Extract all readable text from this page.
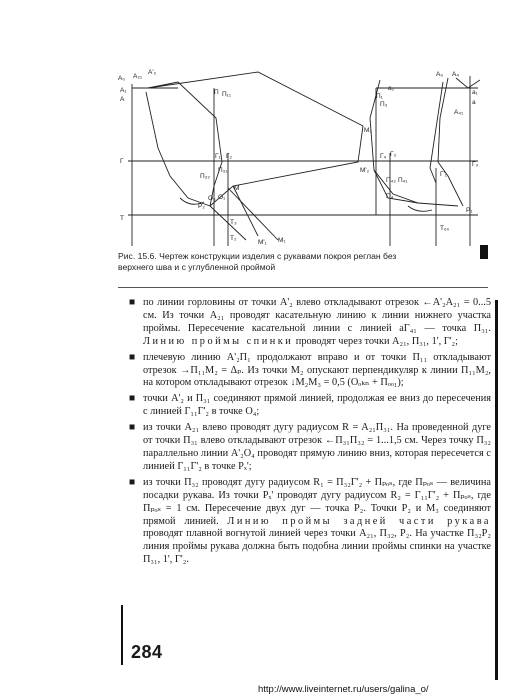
A₀ A₂₁
A'₂
A₁
A
П П₁₁
M₃
M'₂
Г
Г₁ Г₂
П₃₂
П₃₁
P₂
O₁
O₃
M
M'₁ M₁
Т
Т₃
T₂
Г₃
Г₄
П₄₂ П₄₁
Г'₄
A₉ A₄
a₂
a₁
a
П₁
П₃
A₄₁
Г'₁
P₁
Т₆₀
Г₃

Рис. 15.6. Чертеж конструкции изделия с рукавами покроя реглан без

верхнего шва и с углубленной проймой

■ по линии горловины от точки A'₂ влево откладывают отрезок ←A'₂A₂₁ = 0...5 см. Из точки A₂₁ проводят касательную линию к линии нижнего участка проймы. Пересечение касательной линии с линией aГ₄₁ — точка П₃₁. Линию проймы спинки проводят через точки A₂₁, П₃₁, 1', Г'₂;
■ плечевую линию A'₂П₁ продолжают вправо и от точки П₁₁ откладывают отрезок →П₁₁M₂ = Δₚ. Из точки M₂ опускают перпендикуляр к линии П₁₁M₂, на котором откладывают отрезок ↓M₂M₃ = 0,5 (Oₒₖₙ + Пₒₒ₁);
■ точки A'₂ и П₃₁ соединяют прямой линией, продолжая ее вниз до пересечения с линией Г₁₁Г'₂ в точке O₄;
■ из точки A₂₁ влево проводят дугу радиусом R = A₂₁П₃₁. На проведенной дуге от точки П₃₁ влево откладывают отрезок ←П₃₁П₃₂ = 1...1,5 см. Через точку П₃₂ параллельно линии A'₂O₄ проводят прямую линию вниз, которая пересечется с линией Г₁₁Г'₂ в точке Pₓ';
■ из точки П₃₂ проводят дугу радиусом R₁ = П₃₂Г'₂ + Пₚₒₛ, где Пₚₒₛ — величина посадки рукава. Из точки Pₓ' проводят дугу радиусом R₂ = Г₁₁Г'₂ + Пₚₒₛ, где Пₚₒₛ = 1 см. Пересечение двух дуг — точка P₂. Точки P₂ и M₃ соединяют прямой линией. Линию проймы задней части рукава проводят плавной вогнутой линией через точки A₂₁, П₃₂, P₂. На участке П₃₂P₂ линия проймы рукава должна быть подобна линии проймы спинки на участке П₃₁, 1', Г'₂.
284
http://www.liveinternet.ru/users/galina_o/
